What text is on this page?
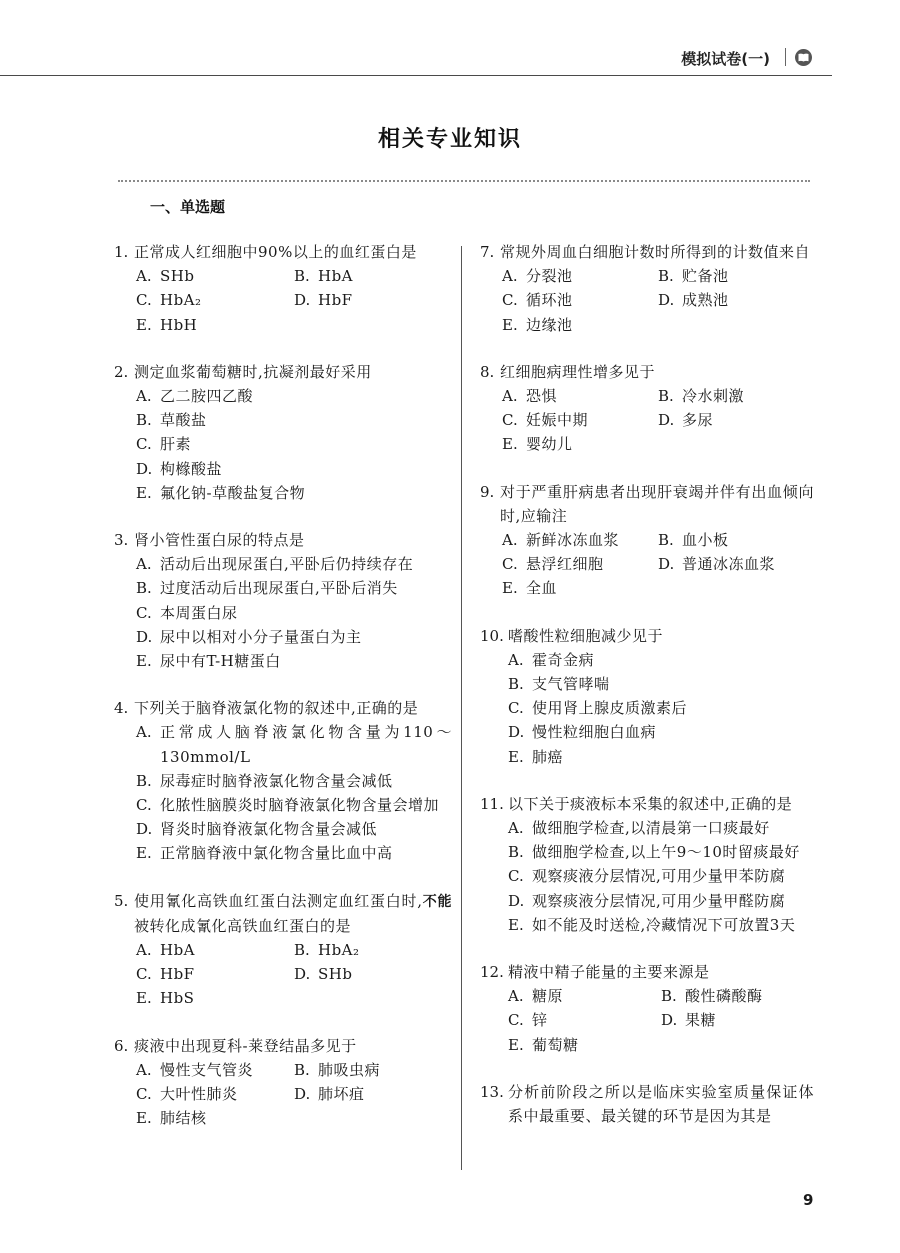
模拟试卷(一)
相关专业知识
一、单选题
1. 正常成人红细胞中90%以上的血红蛋白是
A. SHb	B. HbA
C. HbA₂	D. HbF
E. HbH
2. 测定血浆葡萄糖时,抗凝剂最好采用
A. 乙二胺四乙酸
B. 草酸盐
C. 肝素
D. 枸橼酸盐
E. 氟化钠-草酸盐复合物
3. 肾小管性蛋白尿的特点是
A. 活动后出现尿蛋白,平卧后仍持续存在
B. 过度活动后出现尿蛋白,平卧后消失
C. 本周蛋白尿
D. 尿中以相对小分子量蛋白为主
E. 尿中有T-H糖蛋白
4. 下列关于脑脊液氯化物的叙述中,正确的是
A. 正常成人脑脊液氯化物含量为110～130mmol/L
B. 尿毒症时脑脊液氯化物含量会减低
C. 化脓性脑膜炎时脑脊液氯化物含量会增加
D. 肾炎时脑脊液氯化物含量会减低
E. 正常脑脊液中氯化物含量比血中高
5. 使用氰化高铁血红蛋白法测定血红蛋白时,不能被转化成氰化高铁血红蛋白的是
A. HbA	B. HbA₂
C. HbF	D. SHb
E. HbS
6. 痰液中出现夏科-莱登结晶多见于
A. 慢性支气管炎	B. 肺吸虫病
C. 大叶性肺炎	D. 肺坏疽
E. 肺结核
7. 常规外周血白细胞计数时所得到的计数值来自
A. 分裂池	B. 贮备池
C. 循环池	D. 成熟池
E. 边缘池
8. 红细胞病理性增多见于
A. 恐惧	B. 冷水刺激
C. 妊娠中期	D. 多尿
E. 婴幼儿
9. 对于严重肝病患者出现肝衰竭并伴有出血倾向时,应输注
A. 新鲜冰冻血浆	B. 血小板
C. 悬浮红细胞	D. 普通冰冻血浆
E. 全血
10. 嗜酸性粒细胞减少见于
A. 霍奇金病
B. 支气管哮喘
C. 使用肾上腺皮质激素后
D. 慢性粒细胞白血病
E. 肺癌
11. 以下关于痰液标本采集的叙述中,正确的是
A. 做细胞学检查,以清晨第一口痰最好
B. 做细胞学检查,以上午9～10时留痰最好
C. 观察痰液分层情况,可用少量甲苯防腐
D. 观察痰液分层情况,可用少量甲醛防腐
E. 如不能及时送检,冷藏情况下可放置3天
12. 精液中精子能量的主要来源是
A. 糖原	B. 酸性磷酸酶
C. 锌	D. 果糖
E. 葡萄糖
13. 分析前阶段之所以是临床实验室质量保证体系中最重要、最关键的环节是因为其是
9
